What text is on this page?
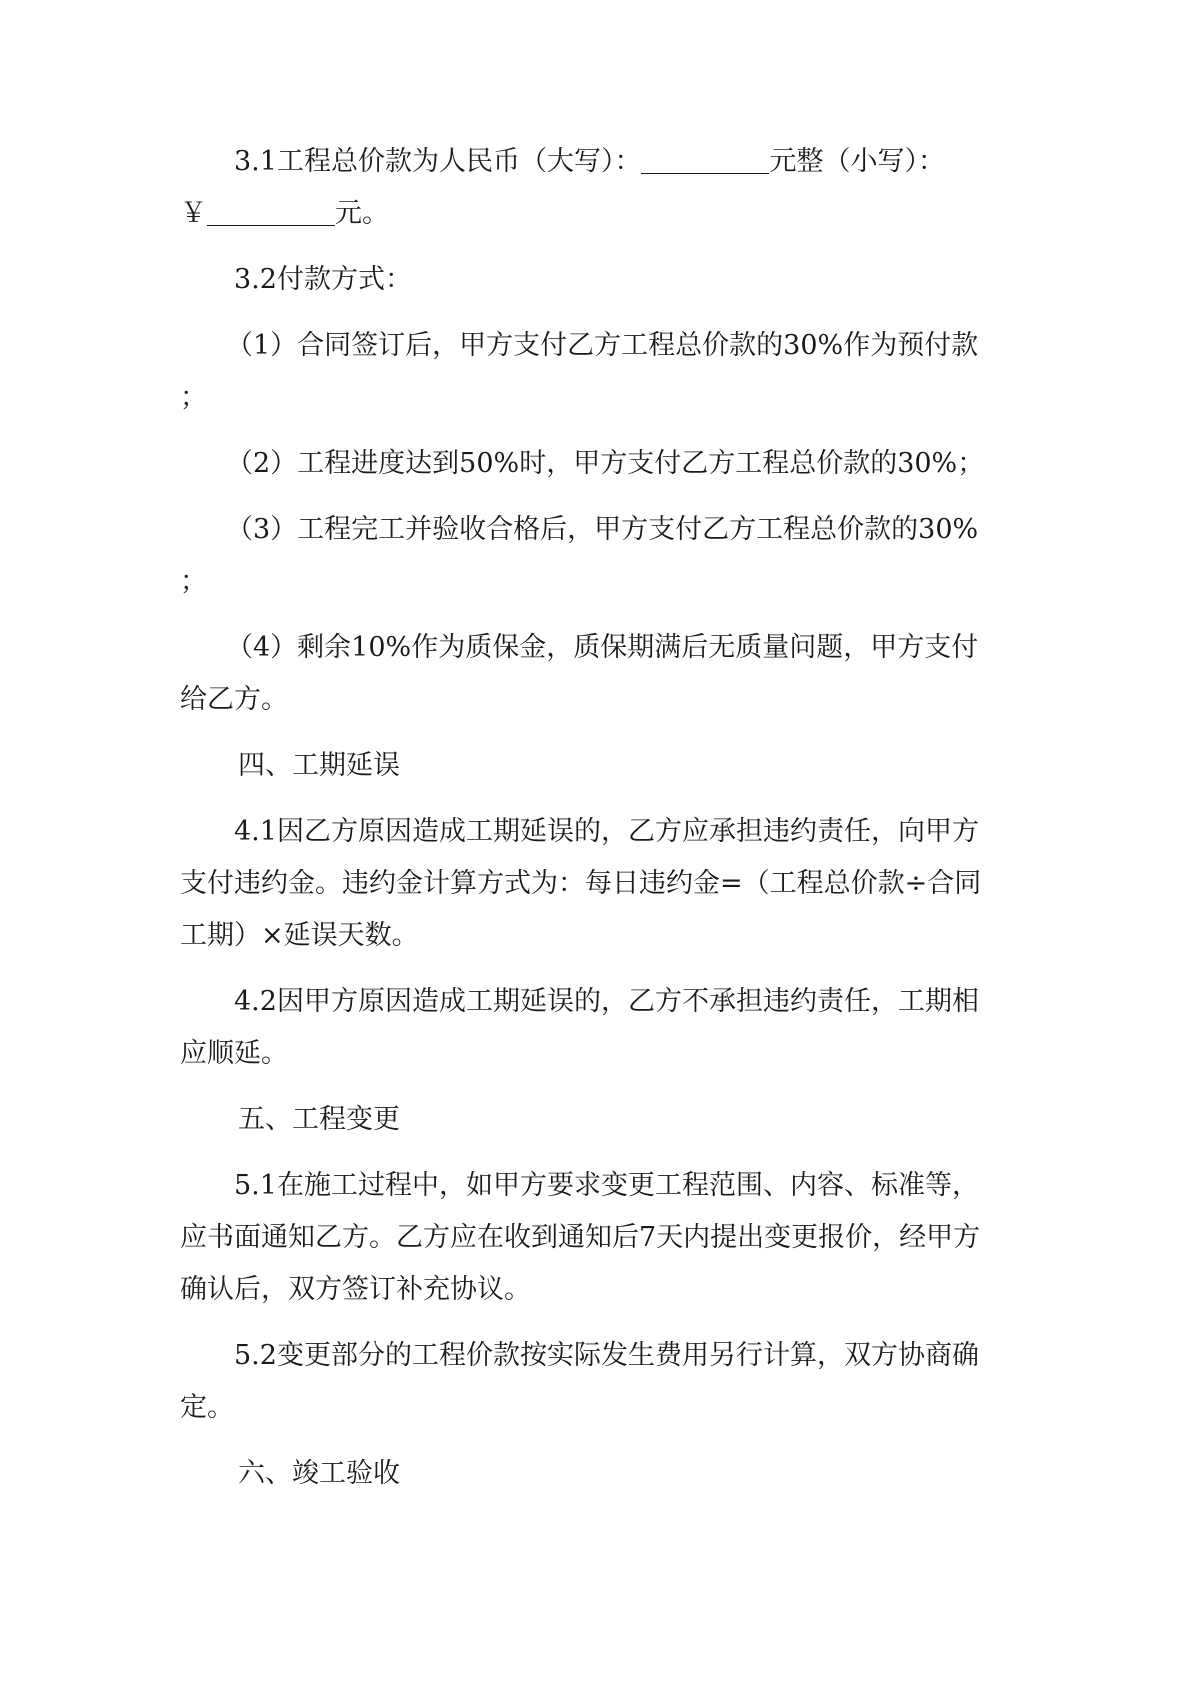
3.1工程总价款为人民币（大写）：	元整（小写）：
￥	元。

3.2付款方式：

（1）合同签订后，甲方支付乙方工程总价款的30%作为预付款
；

（2）工程进度达到50%时，甲方支付乙方工程总价款的30%；

（3）工程完工并验收合格后，甲方支付乙方工程总价款的30%
；

（4）剩余10%作为质保金，质保期满后无质量问题，甲方支付
给乙方。

四、工期延误

4.1因乙方原因造成工期延误的，乙方应承担违约责任，向甲方
支付违约金。违约金计算方式为：每日违约金=（工程总价款÷合同
工期）×延误天数。

4.2因甲方原因造成工期延误的，乙方不承担违约责任，工期相
应顺延。

五、工程变更

5.1在施工过程中，如甲方要求变更工程范围、内容、标准等，
应书面通知乙方。乙方应在收到通知后7天内提出变更报价，经甲方
确认后，双方签订补充协议。

5.2变更部分的工程价款按实际发生费用另行计算，双方协商确
定。

六、竣工验收
